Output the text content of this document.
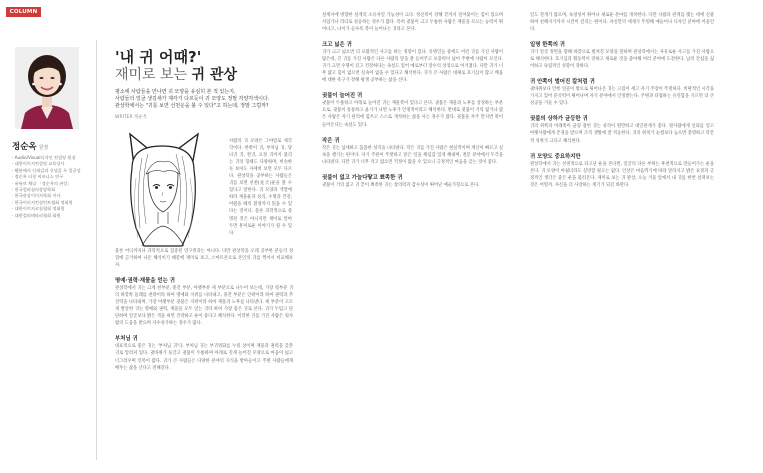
COLUMN
정순옥 원장
· Audio/Visual디자인 컨설팅 원장
· 대한이미지컨설팅 교육강사
· 웰본에서 신뢰감과 신념을 두 얼굴상
· 정순옥 티칭 비즈니스 연구
· 유튜브 채널 「정순옥의 관상」
· 한국컬러심리상담학회
· 한국관상이미지학회 이사
· 한국이미지컨설턴트협회 정회원
· 대한이미지코칭협회 정회원
· 대한컬러테라피협회 회원
'내 귀 어때?'
재미로 보는 귀 관상

평소에 사람들을 만나면 귀 모양을 유심히 본 적 있는지,

사람들의 얼굴 생김새가 제각기 다르듯이 귀 모양도 정말 각양각색이다.

관상학에서는 "귀를 보면 선천운을 볼 수 있다"고 하는데, 정말 그럴까?

WRITER 정순옥

사람의 귀 모양은 그야말로 제각각이다. 한쪽이 귀, 부처님 귀, 당나귀 귀, 칼귀, 요정 귀까지 불리는 귀의 형태도 다양하며, 비슷한 듯 보여도 자세히 보면 모두 다르다. 관상학을 공부하는 사람들은 귀를 보면 선천(先天)운을 볼 수 있다고 말한다. 귀 모양과 색깔에 따라 재물운과 성격, 수명과 건강, 어렸을 때의 환경까지 읽을 수 있다는 것이다. 물론 과학적으로 증명된 것은 아니지만 재미로 알아두면 흥미로운 이야기가 될 수 있다.

물론 어디까지나 과학적으로 검증된 연구결과는 아니다. 다만 관상학을 오래 공부한 분들의 경험에 근거하여 나온 해석이기 때문에 재미로 보고, 스마트폰으로 본인의 귀를 찍어서 비교해보자.

명예·권력·재물을 얻는 귀

관상학에서 귀는 크게 천부분, 중간 부분, 아랫부분 세 부분으로 나누어 보는데, 가장 윗부분 귀의 바깥쪽 둘레를 천곽이라 하여 명예와 지위를 나타내고, 중간 부분은 인곽이라 하여 권력과 추진력을 나타내며, 가장 아랫부분 귓불은 지곽이라 하여 재물과 노후를 나타낸다. 세 부분이 고르게 발달한 귀는 명예와 권력, 재물을 모두 얻는 귀라 하여 가장 좋은 귀로 본다. 귀가 두텁고 단단하며 얼굴보다 밝은 색을 띠면 건강하고 운이 좋다고 해석한다. 이러한 귀를 가진 사람은 윗사람의 도움을 받으며 자수성가하는 경우가 많다.

부처님 귀

대표적으로 좋은 귀는 '부처님 귀'다. 부처님 귀는 부귀영화를 누릴 상이며 재물과 권력을 갖춘 귀로 알려져 있다. 귓바퀴가 둥글고 귓불이 두툼하며 아래로 길게 늘어진 모양으로 마음이 넓고 너그러우며 인복이 많다. 귀가 큰 사람들은 다양한 분야의 지식을 받아들이고 주변 사람들에게 베푸는 삶을 산다고 전해진다.

설계자에 방향한 설계의 소유자일 가능성이 크다. 정신력이 강해 끝까지 밀어붙이는 힘이 있으며 사업가나 리더로 성공하는 경우가 많다. 특히 귓불이 크고 두툼한 사람은 재물을 모으는 능력이 뛰어나고, 나이가 들수록 복이 늘어나는 귀라고 본다.

크고 넓은 귀

귀가 크고 넓으면 더 포괄적인 사고를 하는 경향이 있다. 유명인들 중에도 이런 귀를 가진 사람이 많은데, 큰 귀를 가진 사람은 다른 사람의 말을 잘 들어주고 포용력이 넓어 주변에 사람이 모인다. 귀가 크면 수명이 길고 건강하다는 속설도 있어 예로부터 장수의 상징으로 여겨졌다. 다만 귀가 너무 얇고 힘이 없으면 실속이 없을 수 있다고 해석한다. 귀가 큰 사람은 대체로 호기심이 많고 배움에 대한 욕구가 강해 평생 공부하는 삶을 산다.

귓불이 늘어진 귀

귓불이 두툼하고 아래로 늘어진 귀는 재물복이 있다고 본다. 귓불은 재물과 노후를 상징하는 부분으로, 귓불이 통통하고 윤기가 나면 노후가 안정적이라고 해석한다. 반대로 귓불이 거의 없거나 얇은 사람은 자기 관리에 힘쓰고 스스로 개척하는 삶을 사는 경우가 많다. 귓불을 자주 만지면 복이 들어온다는 속설도 있다.

작은 귀

작은 귀는 섬세하고 꼼꼼한 성격을 나타낸다. 작은 귀를 가진 사람은 현실적이며 계산이 빠르고 실속을 챙기는 편이다. 자기 주관이 뚜렷하고 맡은 일을 책임감 있게 해내며, 전문 분야에서 두각을 나타낸다. 다만 귀가 너무 작고 얇으면 걱정이 많을 수 있으니 긍정적인 마음을 갖는 것이 좋다.

귓불이 없고 가늘다랗고 뾰족한 귀

귓불이 거의 없고 귀 끝이 뾰족한 귀는 창의력과 감수성이 뛰어난 예술가형으로 본다.

일도 전개가 많으며, 독창성이 뛰어나 새로운 분야를 개척한다. 다만 사람과 관계를 맺는 데에 신중하여 친해지기까지 시간이 걸리는 편이다. 자신만의 세계가 뚜렷해 예술이나 디자인 분야에 어울린다.

일명 한쪽의 귀

귀가 얼굴 정면을 향해 바깥으로 펼쳐진 모양을 말하며 관상학에서는 자유로운 사고를 가진 사람으로 해석한다. 호기심과 활동력이 강하고 새로운 것을 좋아해 여러 분야에 도전한다. 남의 간섭을 싫어하고 독립적인 성향이 강하다.

귀 안쪽이 벌어진 칼처럼 귀

귓바퀴보다 안쪽 연골이 밖으로 튀어나온 귀는 고집이 세고 자기 주장이 뚜렷하다. 비판적인 시각을 가지고 있어 분석력이 뛰어나며 자기 분야에서 인정받는다. 주변과 타협하는 유연함을 기르면 더 큰 성공을 거둘 수 있다.

귓불의 상하가 균등한 귀

귀의 위쪽과 아래쪽이 균형 잡힌 귀는 성격이 원만하고 대인관계가 좋다. 윗사람에게 신뢰를 얻고 아랫사람에게 존경을 받으며 조직 생활에 잘 적응한다. 귀의 위치가 눈썹보다 높으면 총명하고 학문적 성취가 크다고 해석한다.

귀 모양도 중요하지만

관상학에서 귀는 선천적으로 타고난 운을 본다면, 얼굴의 다른 부위는 후천적으로 만들어가는 운을 본다. 귀 모양이 아쉽더라도 실망할 필요는 없다. 인상은 마음먹기에 따라 달라지고 밝은 표정과 긍정적인 생각은 좋은 운을 불러온다. 재미로 보는 귀 관상, 오늘 거울 앞에서 내 귀를 한번 살펴보는 것은 어떨까. 자신을 더 사랑하는 계기가 되길 바란다.
